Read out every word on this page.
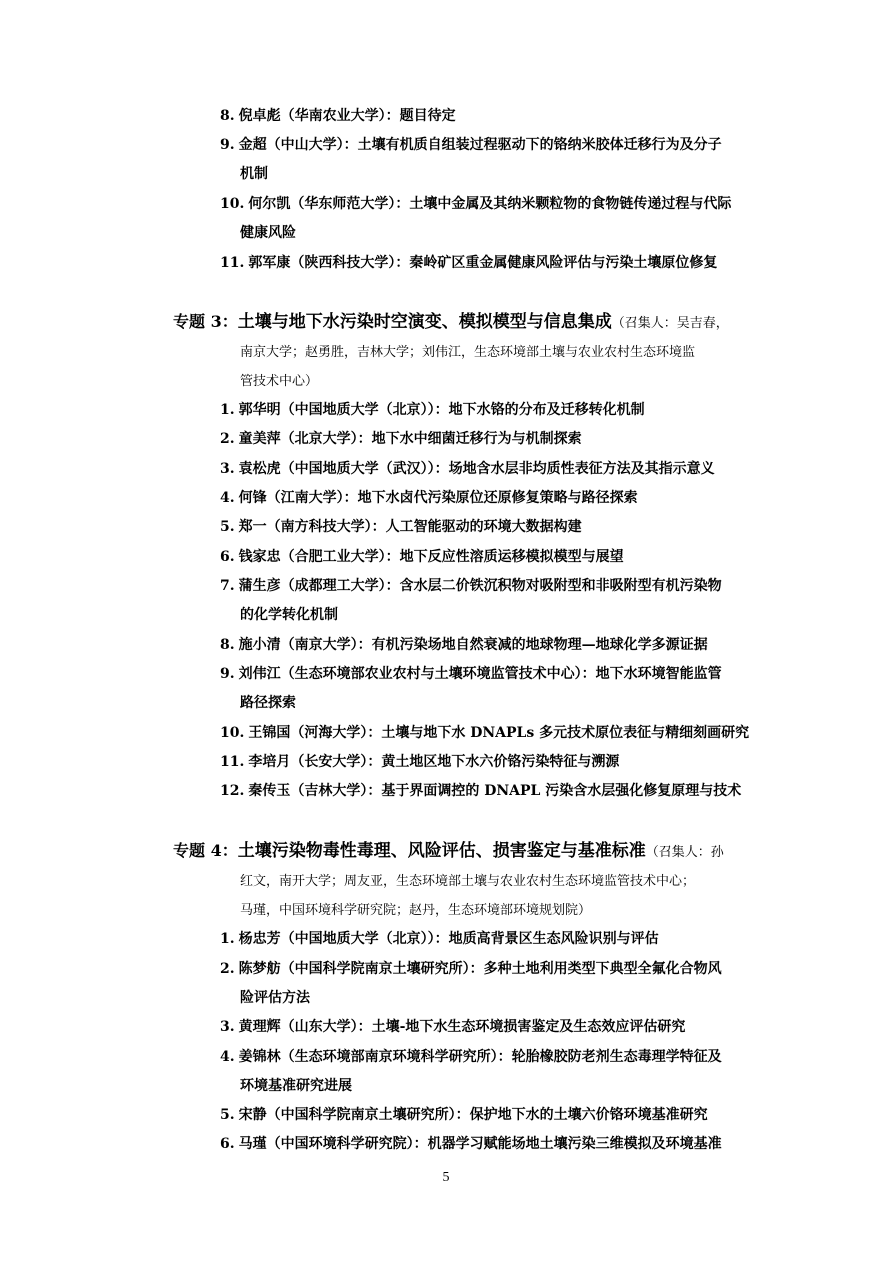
8. 倪卓彪（华南农业大学）：题目待定
9. 金超（中山大学）：土壤有机质自组装过程驱动下的铬纳米胶体迁移行为及分子
机制
10. 何尔凯（华东师范大学）：土壤中金属及其纳米颗粒物的食物链传递过程与代际
健康风险
11. 郭军康（陕西科技大学）：秦岭矿区重金属健康风险评估与污染土壤原位修复
专题 3：土壤与地下水污染时空演变、模拟模型与信息集成（召集人：吴吉春，
南京大学；赵勇胜，吉林大学；刘伟江，生态环境部土壤与农业农村生态环境监
管技术中心）
1. 郭华明（中国地质大学（北京））：地下水铬的分布及迁移转化机制
2. 童美萍（北京大学）：地下水中细菌迁移行为与机制探索
3. 袁松虎（中国地质大学（武汉））：场地含水层非均质性表征方法及其指示意义
4. 何锋（江南大学）：地下水卤代污染原位还原修复策略与路径探索
5. 郑一（南方科技大学）：人工智能驱动的环境大数据构建
6. 钱家忠（合肥工业大学）：地下反应性溶质运移模拟模型与展望
7. 蒲生彦（成都理工大学）：含水层二价铁沉积物对吸附型和非吸附型有机污染物
的化学转化机制
8. 施小清（南京大学）：有机污染场地自然衰减的地球物理—地球化学多源证据
9. 刘伟江（生态环境部农业农村与土壤环境监管技术中心）：地下水环境智能监管
路径探索
10. 王锦国（河海大学）：土壤与地下水 DNAPLs 多元技术原位表征与精细刻画研究
11. 李培月（长安大学）：黄土地区地下水六价铬污染特征与溯源
12. 秦传玉（吉林大学）：基于界面调控的 DNAPL 污染含水层强化修复原理与技术
专题 4：土壤污染物毒性毒理、风险评估、损害鉴定与基准标准（召集人：孙
红文，南开大学；周友亚，生态环境部土壤与农业农村生态环境监管技术中心；
马瑾，中国环境科学研究院；赵丹，生态环境部环境规划院）
1. 杨忠芳（中国地质大学（北京））：地质高背景区生态风险识别与评估
2. 陈梦舫（中国科学院南京土壤研究所）：多种土地利用类型下典型全氟化合物风
险评估方法
3. 黄理辉（山东大学）：土壤-地下水生态环境损害鉴定及生态效应评估研究
4. 姜锦林（生态环境部南京环境科学研究所）：轮胎橡胶防老剂生态毒理学特征及
环境基准研究进展
5. 宋静（中国科学院南京土壤研究所）：保护地下水的土壤六价铬环境基准研究
6. 马瑾（中国环境科学研究院）：机器学习赋能场地土壤污染三维模拟及环境基准
5
